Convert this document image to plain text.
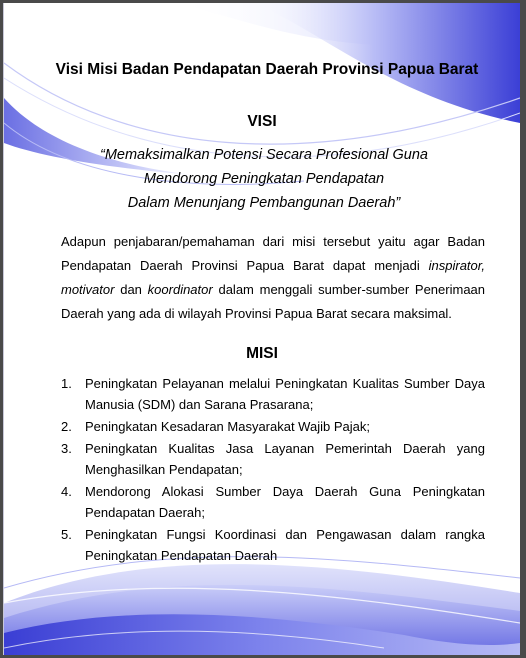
Visi Misi Badan Pendapatan Daerah Provinsi Papua Barat
VISI
“Memaksimalkan Potensi Secara Profesional Guna
Mendorong Peningkatan Pendapatan
Dalam Menunjang Pembangunan Daerah”
Adapun penjabaran/pemahaman dari misi tersebut yaitu agar Badan Pendapatan Daerah Provinsi Papua Barat dapat menjadi inspirator, motivator dan koordinator dalam menggali sumber-sumber Penerimaan Daerah yang ada di wilayah Provinsi Papua Barat secara maksimal.
MISI
1. Peningkatan Pelayanan melalui Peningkatan Kualitas Sumber Daya Manusia (SDM) dan Sarana Prasarana;
2. Peningkatan Kesadaran Masyarakat Wajib Pajak;
3. Peningkatan Kualitas Jasa Layanan Pemerintah Daerah yang Menghasilkan Pendapatan;
4. Mendorong Alokasi Sumber Daya Daerah Guna Peningkatan Pendapatan Daerah;
5. Peningkatan Fungsi Koordinasi dan Pengawasan dalam rangka Peningkatan Pendapatan Daerah
